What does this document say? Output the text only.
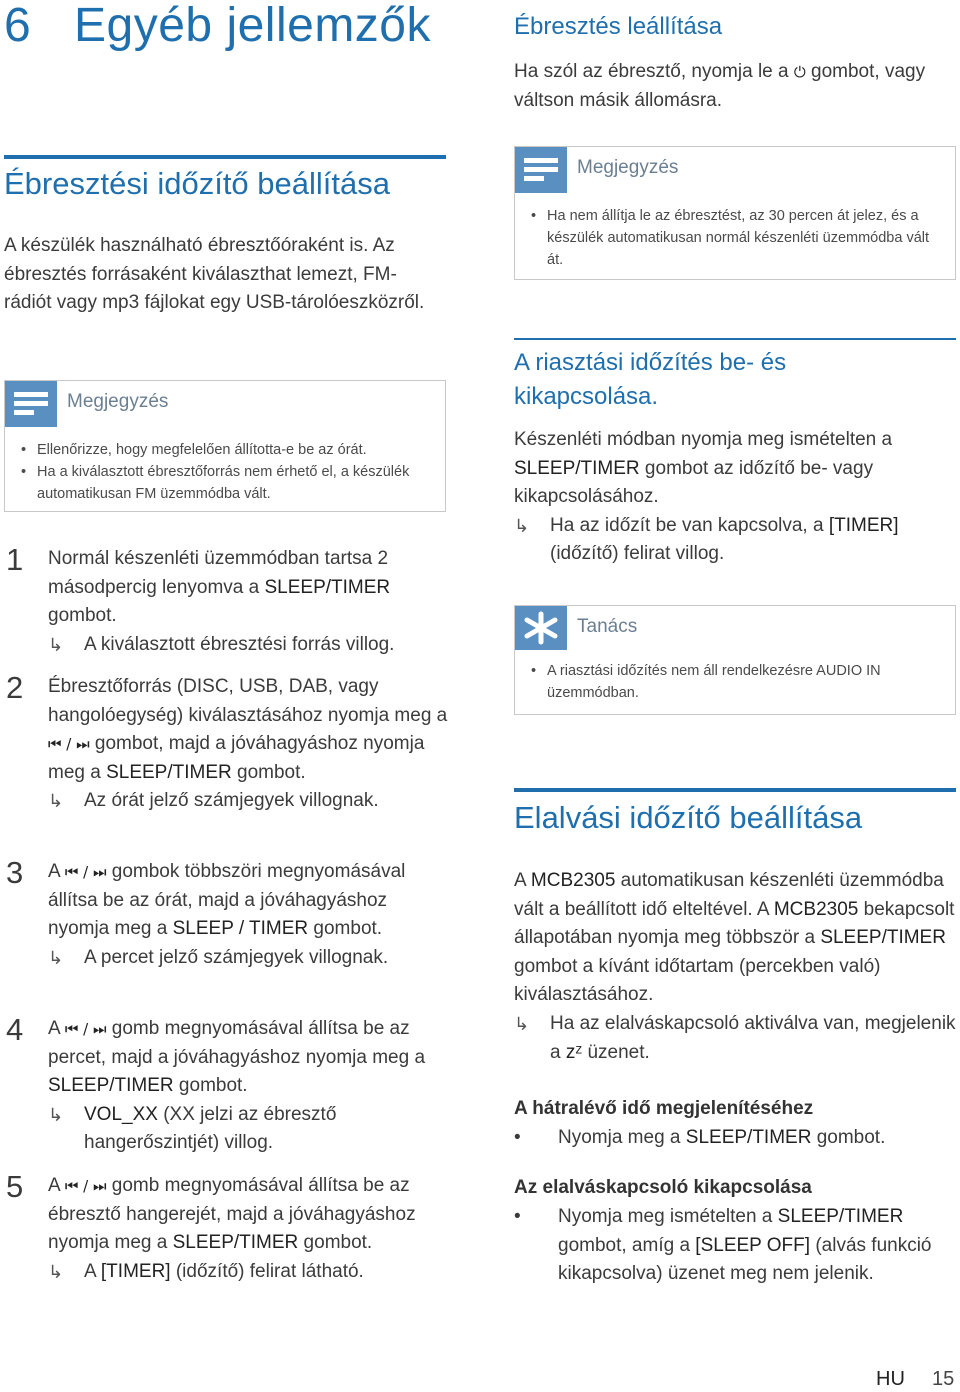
6 Egyéb jellemzők
Ébresztési időzítő beállítása

A készülék használható ébresztőóraként is. Az ébresztés forrásaként kiválaszthat lemezt, FM-rádiót vagy mp3 fájlokat egy USB-tárolóeszközről.

Megjegyzés
• Ellenőrizze, hogy megfelelően állította-e be az órát.
• Ha a kiválasztott ébresztőforrás nem érhető el, a készülék automatikusan FM üzemmódba vált.
1 Normál készenléti üzemmódban tartsa 2 másodpercig lenyomva a SLEEP/TIMER gombot.
↳ A kiválasztott ébresztési forrás villog.
2 Ébresztőforrás (DISC, USB, DAB, vagy hangolóegység) kiválasztásához nyomja meg a ⏮ / ⏭ gombot, majd a jóváhagyáshoz nyomja meg a SLEEP/TIMER gombot.
↳ Az órát jelző számjegyek villognak.
3 A ⏮ / ⏭ gombok többszöri megnyomásával állítsa be az órát, majd a jóváhagyáshoz nyomja meg a SLEEP / TIMER gombot.
↳ A percet jelző számjegyek villognak.
4 A ⏮ / ⏭ gomb megnyomásával állítsa be az percet, majd a jóváhagyáshoz nyomja meg a SLEEP/TIMER gombot.
↳ VOL_XX (XX jelzi az ébresztő hangerőszintjét) villog.
5 A ⏮ / ⏭ gomb megnyomásával állítsa be az ébresztő hangerejét, majd a jóváhagyáshoz nyomja meg a SLEEP/TIMER gombot.
↳ A [TIMER] (időzítő) felirat látható.
Ébresztés leállítása

Ha szól az ébresztő, nyomja le a ⏻ gombot, vagy váltson másik állomásra.

Megjegyzés
• Ha nem állítja le az ébresztést, az 30 percen át jelez, és a készülék automatikusan normál készenléti üzemmódba vált át.
A riasztási időzítés be- és kikapcsolása.

Készenléti módban nyomja meg ismételten a SLEEP/TIMER gombot az időzítő be- vagy kikapcsolásához.
↳ Ha az időzít be van kapcsolva, a [TIMER] (időzítő) felirat villog.

Tanács
• A riasztási időzítés nem áll rendelkezésre AUDIO IN üzemmódban.
Elalvási időzítő beállítása

A MCB2305 automatikusan készenléti üzemmódba vált a beállított idő elteltével. A MCB2305 bekapcsolt állapotában nyomja meg többször a SLEEP/TIMER gombot a kívánt időtartam (percekben való) kiválasztásához.
↳ Ha az elalváskapcsoló aktiválva van, megjelenik a zᶻ üzenet.

A hátralévő idő megjelenítéséhez

• Nyomja meg a SLEEP/TIMER gombot.

Az elalváskapcsoló kikapcsolása

• Nyomja meg ismételten a SLEEP/TIMER gombot, amíg a [SLEEP OFF] (alvás funkció kikapcsolva) üzenet meg nem jelenik.

HU 15
